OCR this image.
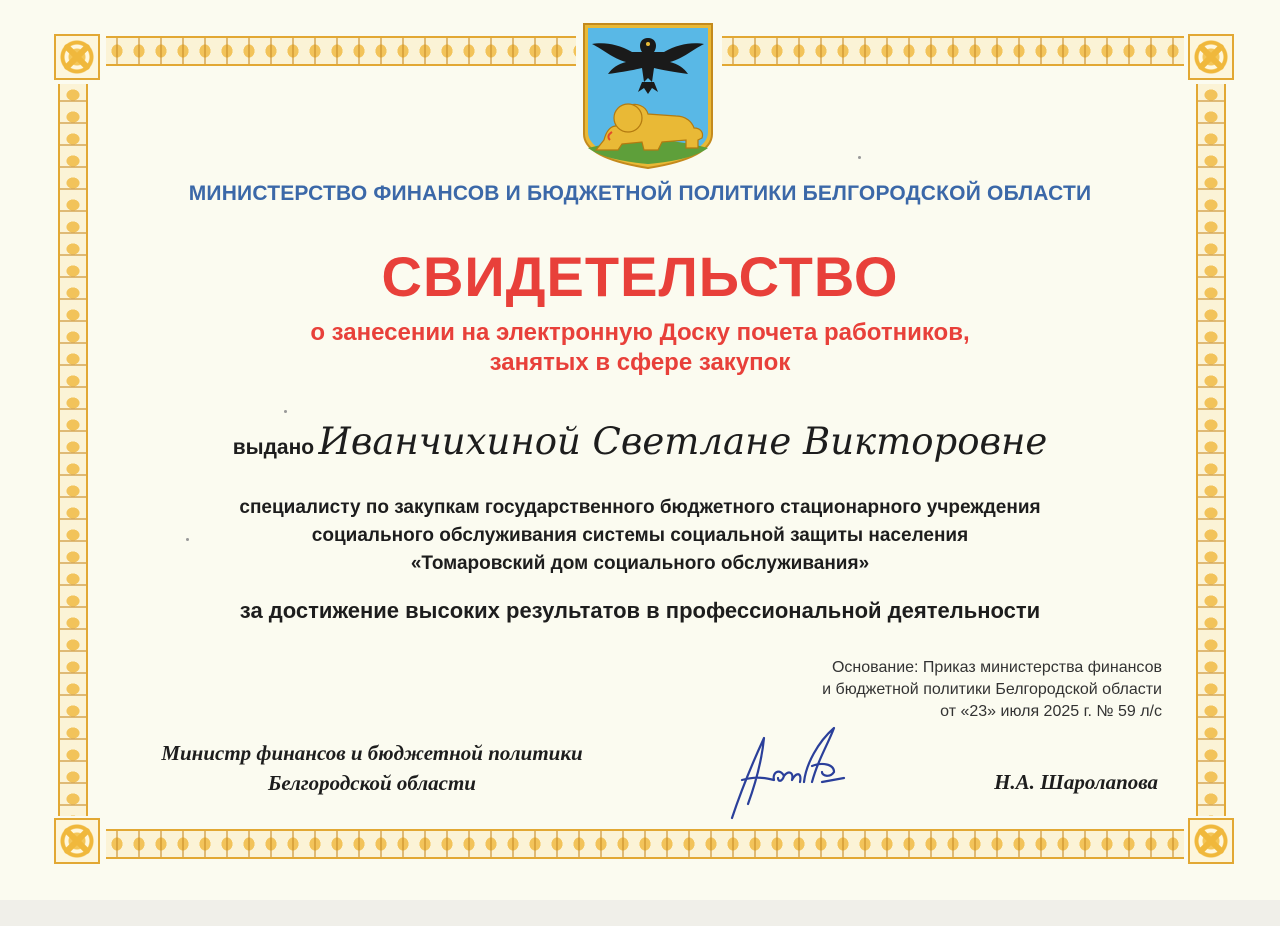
МИНИСТЕРСТВО ФИНАНСОВ И БЮДЖЕТНОЙ ПОЛИТИКИ БЕЛГОРОДСКОЙ ОБЛАСТИ
СВИДЕТЕЛЬСТВО
о занесении на электронную Доску почета работников,
занятых в сфере закупок
выдано Иванчихиной Светлане Викторовне
специалисту по закупкам государственного бюджетного стационарного учреждения
социального обслуживания системы социальной защиты населения
«Томаровский дом социального обслуживания»
за достижение высоких результатов в профессиональной деятельности
Основание: Приказ министерства финансов
и бюджетной политики Белгородской области
от «23» июля 2025 г. № 59 л/с
Министр финансов и бюджетной политики
Белгородской области	Н.А. Шаролапова
